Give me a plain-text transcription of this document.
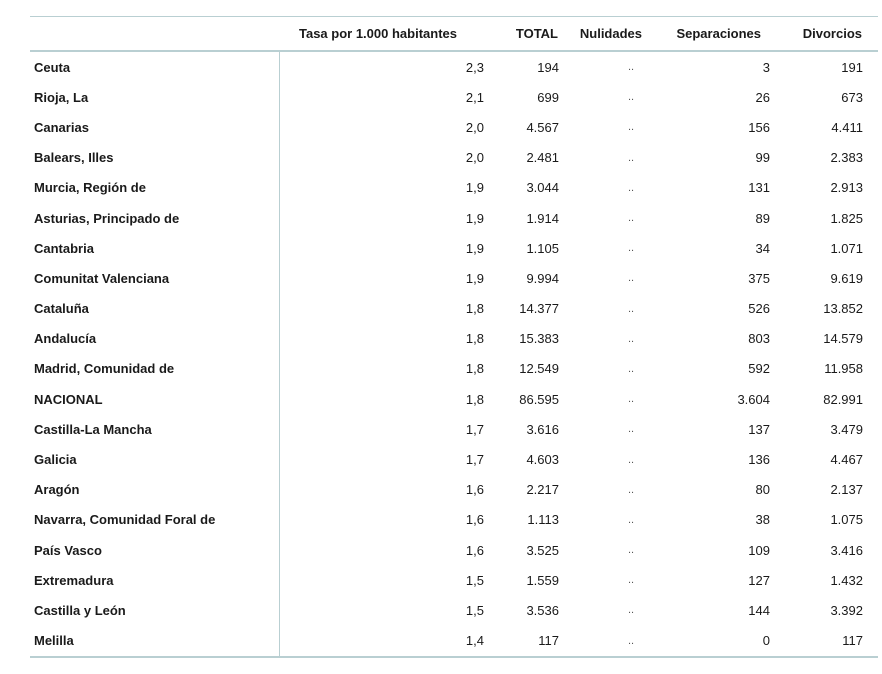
	Tasa por 1.000 habitantes	TOTAL	Nulidades	Separaciones	Divorcios
Ceuta	2,3	194	..	3	191
Rioja, La	2,1	699	..	26	673
Canarias	2,0	4.567	..	156	4.411
Balears, Illes	2,0	2.481	..	99	2.383
Murcia, Región de	1,9	3.044	..	131	2.913
Asturias, Principado de	1,9	1.914	..	89	1.825
Cantabria	1,9	1.105	..	34	1.071
Comunitat Valenciana	1,9	9.994	..	375	9.619
Cataluña	1,8	14.377	..	526	13.852
Andalucía	1,8	15.383	..	803	14.579
Madrid, Comunidad de	1,8	12.549	..	592	11.958
NACIONAL	1,8	86.595	..	3.604	82.991
Castilla-La Mancha	1,7	3.616	..	137	3.479
Galicia	1,7	4.603	..	136	4.467
Aragón	1,6	2.217	..	80	2.137
Navarra, Comunidad Foral de	1,6	1.113	..	38	1.075
País Vasco	1,6	3.525	..	109	3.416
Extremadura	1,5	1.559	..	127	1.432
Castilla y León	1,5	3.536	..	144	3.392
Melilla	1,4	117	..	0	117
